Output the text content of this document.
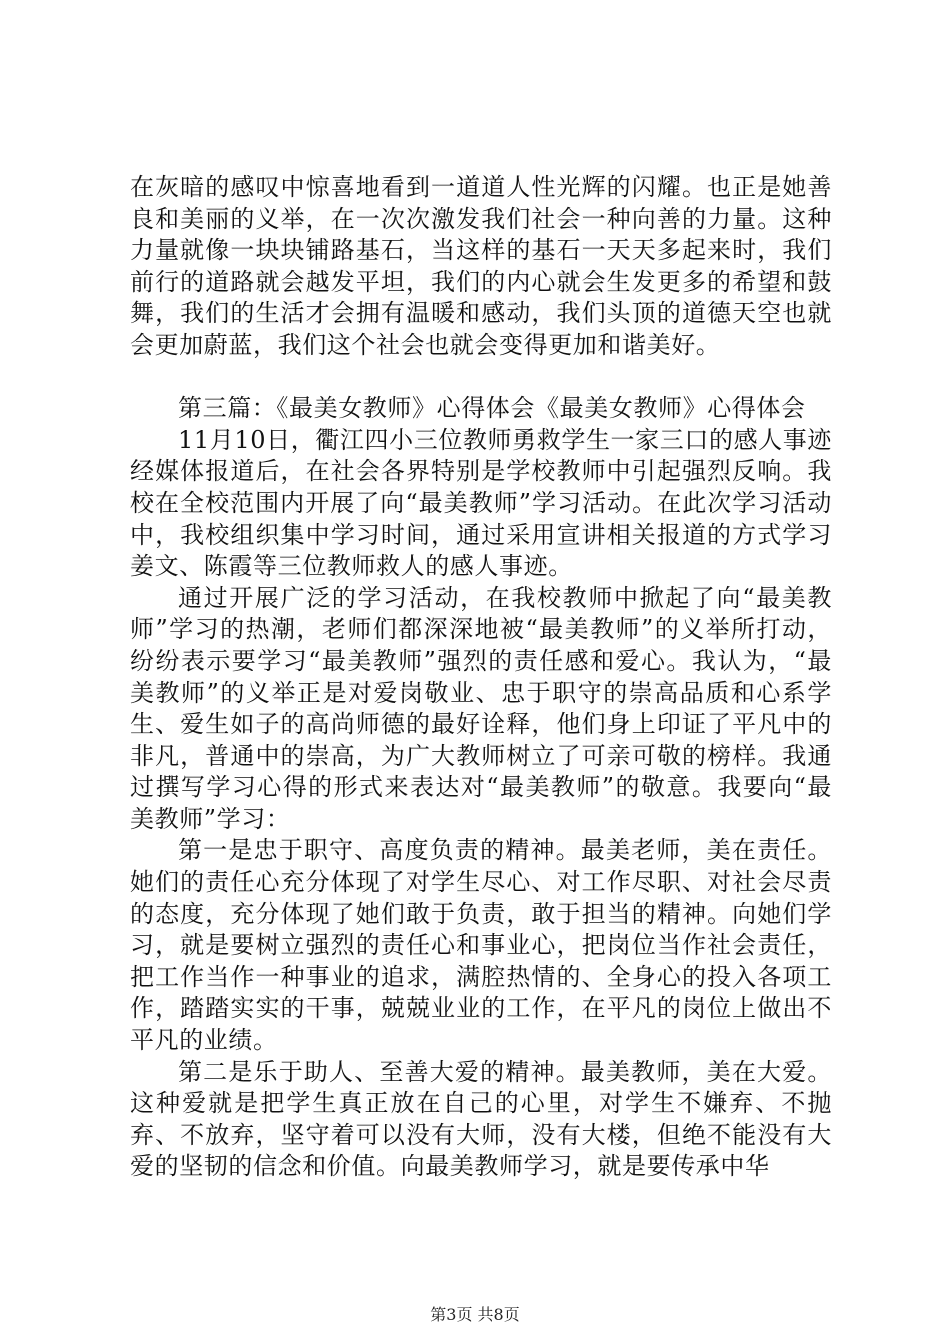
在灰暗的感叹中惊喜地看到一道道人性光辉的闪耀。也正是她善良和美丽的义举，在一次次激发我们社会一种向善的力量。这种力量就像一块块铺路基石，当这样的基石一天天多起来时，我们前行的道路就会越发平坦，我们的内心就会生发更多的希望和鼓舞，我们的生活才会拥有温暖和感动，我们头顶的道德天空也就会更加蔚蓝，我们这个社会也就会变得更加和谐美好。

第三篇：《最美女教师》心得体会《最美女教师》心得体会

11月10日，衢江四小三位教师勇救学生一家三口的感人事迹经媒体报道后，在社会各界特别是学校教师中引起强烈反响。我校在全校范围内开展了向“最美教师”学习活动。在此次学习活动中，我校组织集中学习时间，通过采用宣讲相关报道的方式学习姜文、陈霞等三位教师救人的感人事迹。

通过开展广泛的学习活动，在我校教师中掀起了向“最美教师”学习的热潮，老师们都深深地被“最美教师”的义举所打动，纷纷表示要学习“最美教师”强烈的责任感和爱心。我认为，“最美教师”的义举正是对爱岗敬业、忠于职守的崇高品质和心系学生、爱生如子的高尚师德的最好诠释，他们身上印证了平凡中的非凡，普通中的崇高，为广大教师树立了可亲可敬的榜样。我通过撰写学习心得的形式来表达对“最美教师”的敬意。我要向“最美教师”学习：

第一是忠于职守、高度负责的精神。最美老师，美在责任。她们的责任心充分体现了对学生尽心、对工作尽职、对社会尽责的态度，充分体现了她们敢于负责，敢于担当的精神。向她们学习，就是要树立强烈的责任心和事业心，把岗位当作社会责任，把工作当作一种事业的追求，满腔热情的、全身心的投入各项工作，踏踏实实的干事，兢兢业业的工作，在平凡的岗位上做出不平凡的业绩。

第二是乐于助人、至善大爱的精神。最美教师，美在大爱。这种爱就是把学生真正放在自己的心里，对学生不嫌弃、不抛弃、不放弃，坚守着可以没有大师，没有大楼，但绝不能没有大爱的坚韧的信念和价值。向最美教师学习，就是要传承中华

第3页 共8页
